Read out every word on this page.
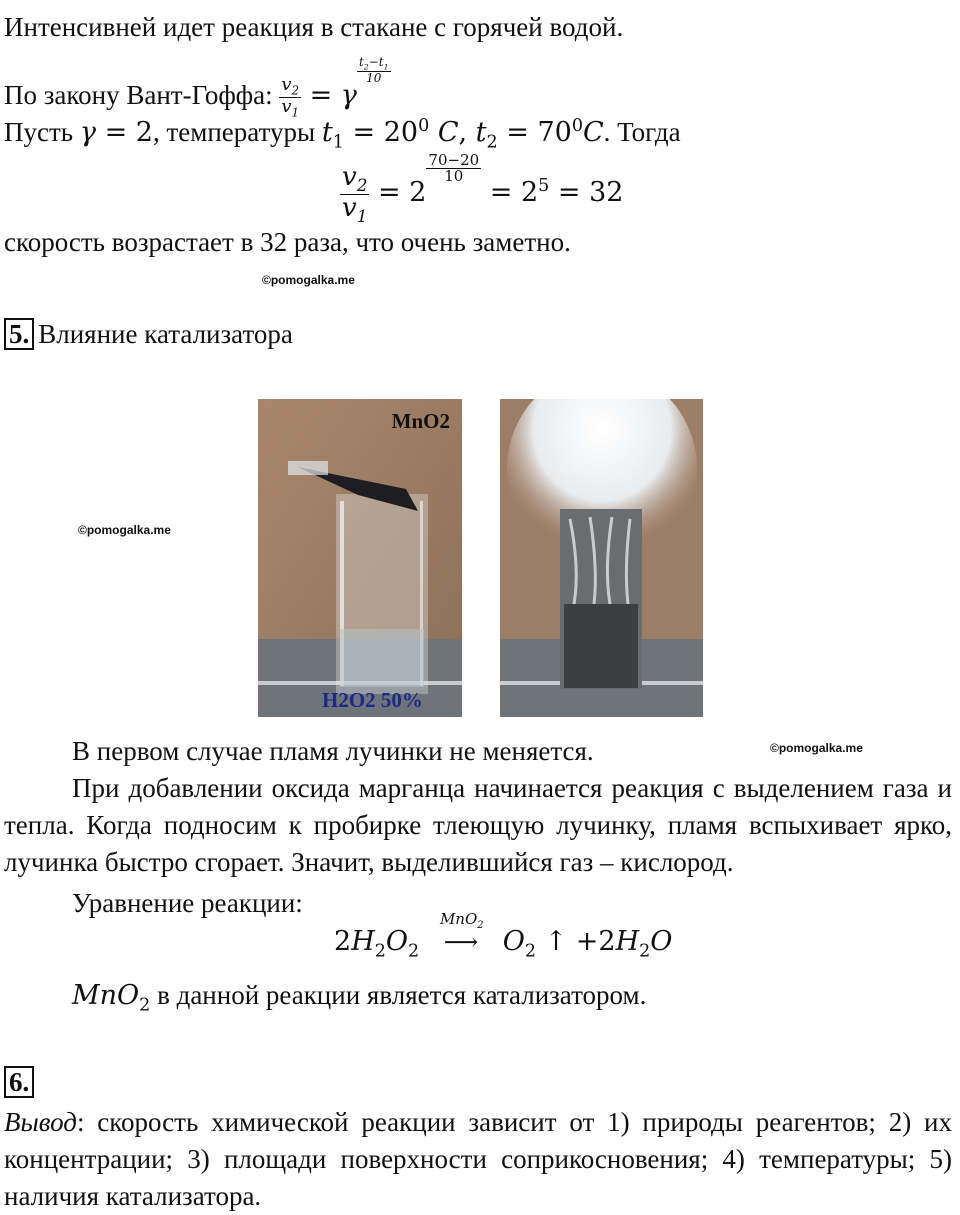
Интенсивней идет реакция в стакане с горячей водой.
По закону Вант-Гоффа: $\frac{v_2}{v_1} = \gamma$
$\frac{t_2-t_1}{10}$
Пусть γ = 2, температуры $t_1 = 20^0$ C, $t_2 = 70^0C$. Тогда
$\frac{v_2}{v_1} = 2$
$\frac{70-20}{10}$
= $2^5 = 32$
скорость возрастает в 32 раза, что очень заметно.
©pomogalka.me
5. Влияние катализатора
©pomogalka.me
MnO2
H2O2 50%
©pomogalka.me
В первом случае пламя лучинки не меняется.
При добавлении оксида марганца начинается реакция с выделением газа и тепла. Когда подносим к пробирке тлеющую лучинку, пламя вспыхивает ярко, лучинка быстро сгорает. Значит, выделившийся газ – кислород.
Уравнение реакции:
$2H_2O_2$
MnO$_2$
⟶ $O_2$ ↑ $+2H_2O$
MnO$_2$ в данной реакции является катализатором.
6.
Вывод: скорость химической реакции зависит от 1) природы реагентов; 2) их концентрации; 3) площади поверхности соприкосновения; 4) температуры; 5) наличия катализатора.
